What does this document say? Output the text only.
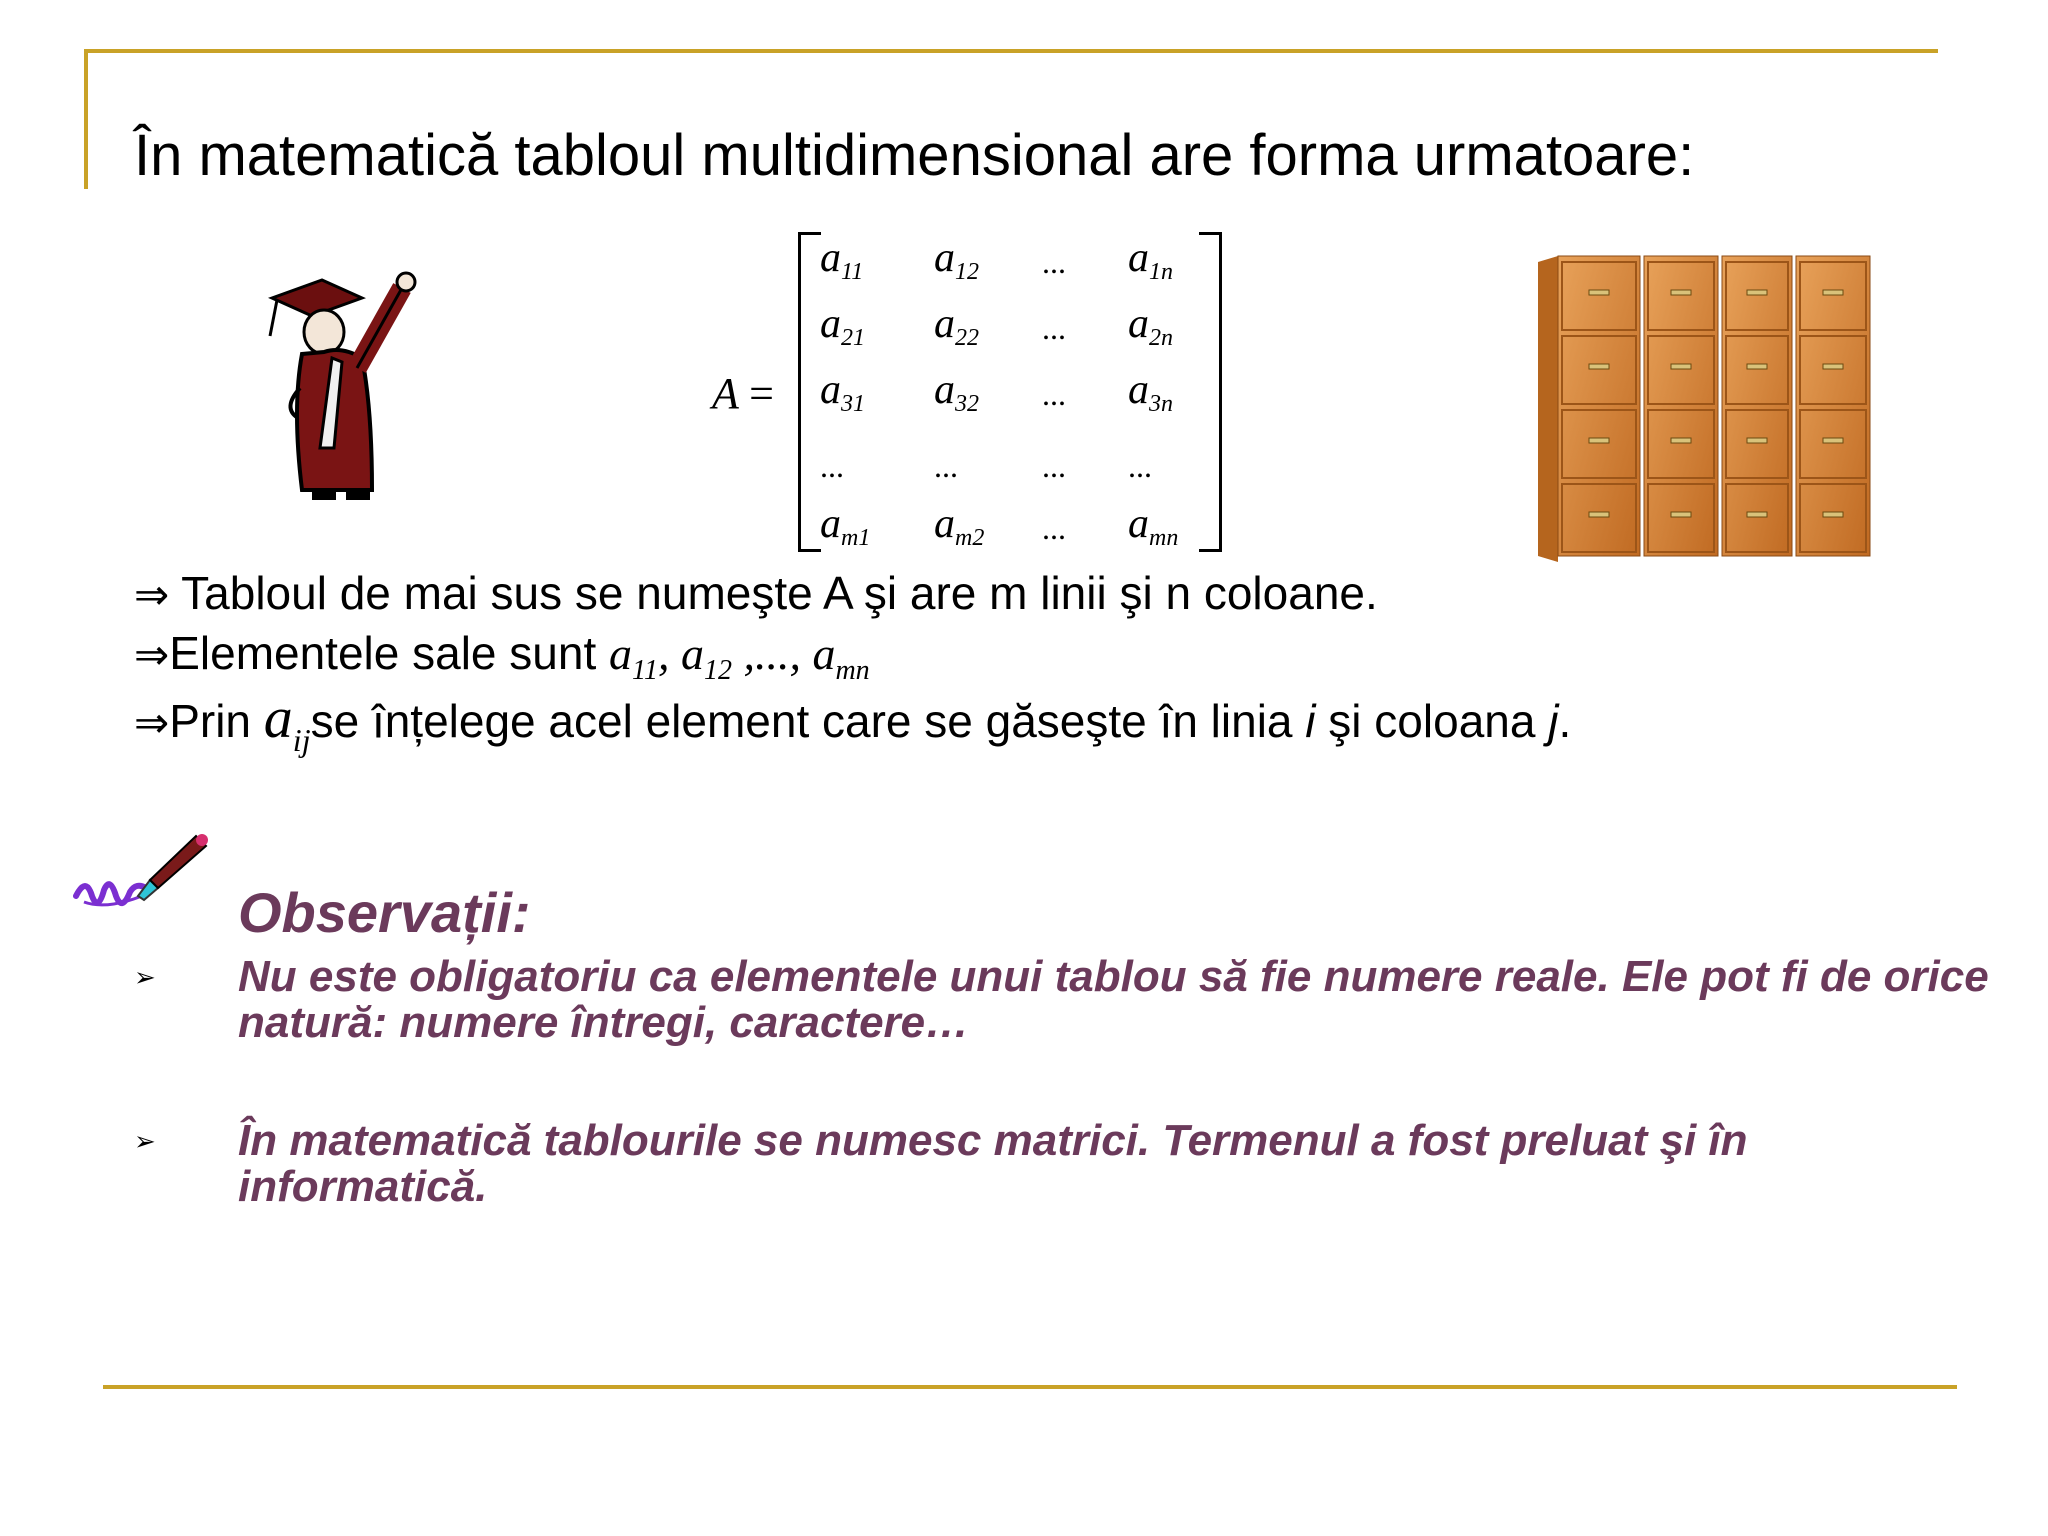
În matematică tabloul multidimensional are forma urmatoare:
A =
$a_{11}$ $a_{12}$ ... $a_{1n}$
$a_{21}$ $a_{22}$ ... $a_{2n}$
$a_{31}$ $a_{32}$ ... $a_{3n}$
...	...	... ...
$a_{m1}$ $a_{m2}$ ... $a_{mn}$
⇒ Tabloul de mai sus se numeşte A şi are m linii şi n coloane.
⇒Elementele sale sunt $a_{11}$, $a_{12}$ ,..., $a_{mn}$
⇒Prin $a_{ij}se$ înțelege acel element care se găseşte în linia i şi coloana j.
Observații:
➢ Nu este obligatoriu ca elementele unui tablou să fie numere reale. Ele pot fi de orice natură: numere întregi, caractere…
➢ În matematică tablourile se numesc matrici. Termenul a fost preluat şi în informatică.
